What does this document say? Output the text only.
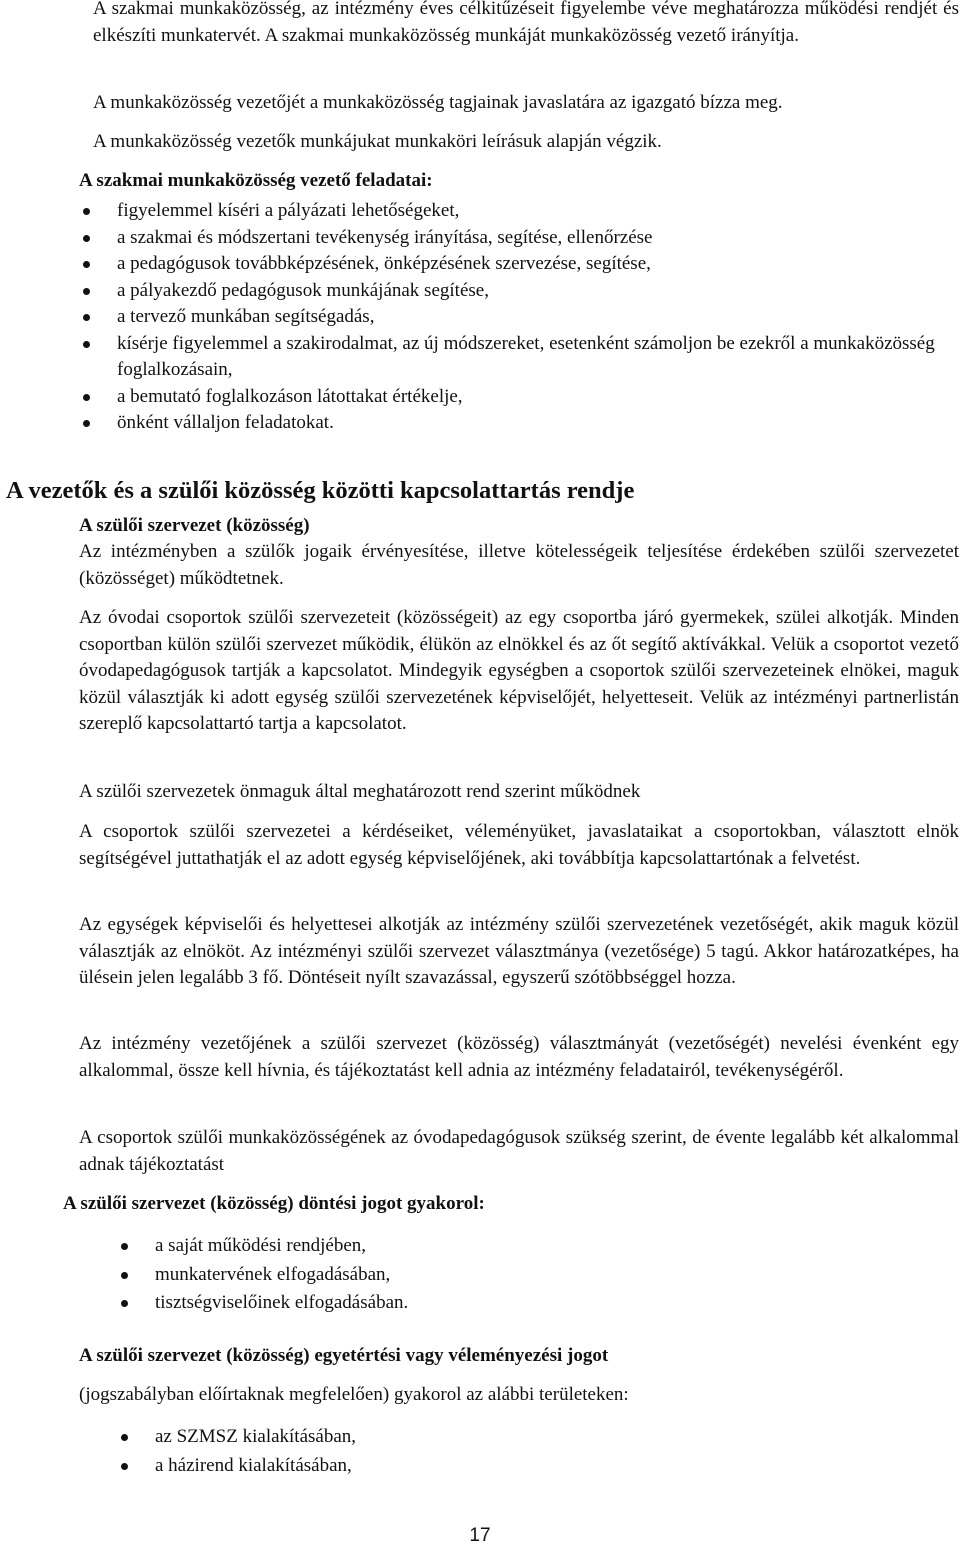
A szakmai munkaközösség, az intézmény éves célkitűzéseit figyelembe véve meghatározza működési rendjét és elkészíti munkatervét. A szakmai munkaközösség munkáját munkaközösség vezető irányítja.

A munkaközösség vezetőjét a munkaközösség tagjainak javaslatára az igazgató bízza meg.

A munkaközösség vezetők munkájukat munkaköri leírásuk alapján végzik.

A szakmai munkaközösség vezető feladatai:

figyelemmel kíséri a pályázati lehetőségeket,
a szakmai és módszertani tevékenység irányítása, segítése, ellenőrzése
a pedagógusok továbbképzésének, önképzésének szervezése, segítése,
a pályakezdő pedagógusok munkájának segítése,
a tervező munkában segítségadás,
kísérje figyelemmel a szakirodalmat, az új módszereket, esetenként számoljon be ezekről a munkaközösség foglalkozásain,
a bemutató foglalkozáson látottakat értékelje,
önként vállaljon feladatokat.

A vezetők és a szülői közösség közötti kapcsolattartás rendje

A szülői szervezet (közösség)

Az intézményben a szülők jogaik érvényesítése, illetve kötelességeik teljesítése érdekében szülői szervezetet (közösséget) működtetnek.

Az óvodai csoportok szülői szervezeteit (közösségeit) az egy csoportba járó gyermekek, szülei alkotják. Minden csoportban külön szülői szervezet működik, élükön az elnökkel és az őt segítő aktívákkal. Velük a csoportot vezető óvodapedagógusok tartják a kapcsolatot. Mindegyik egységben a csoportok szülői szervezeteinek elnökei, maguk közül választják ki adott egység szülői szervezetének képviselőjét, helyetteseit. Velük az intézményi partnerlistán szereplő kapcsolattartó tartja a kapcsolatot.

A szülői szervezetek önmaguk által meghatározott rend szerint működnek

A csoportok szülői szervezetei a kérdéseiket, véleményüket, javaslataikat a csoportokban, választott elnök segítségével juttathatják el az adott egység képviselőjének, aki továbbítja kapcsolattartónak a felvetést.

Az egységek képviselői és helyettesei alkotják az intézmény szülői szervezetének vezetőségét, akik maguk közül választják az elnököt. Az intézményi szülői szervezet választmánya (vezetősége) 5 tagú. Akkor határozatképes, ha ülésein jelen legalább 3 fő. Döntéseit nyílt szavazással, egyszerű szótöbbséggel hozza.

Az intézmény vezetőjének a szülői szervezet (közösség) választmányát (vezetőségét) nevelési évenként egy alkalommal, össze kell hívnia, és tájékoztatást kell adnia az intézmény feladatairól, tevékenységéről.

A csoportok szülői munkaközösségének az óvodapedagógusok szükség szerint, de évente legalább két alkalommal adnak tájékoztatást

A szülői szervezet (közösség) döntési jogot gyakorol:

a saját működési rendjében,
munkatervének elfogadásában,
tisztségviselőinek elfogadásában.

A szülői szervezet (közösség) egyetértési vagy véleményezési jogot

(jogszabályban előírtaknak megfelelően) gyakorol az alábbi területeken:

az SZMSZ kialakításában,
a házirend kialakításában,
17
